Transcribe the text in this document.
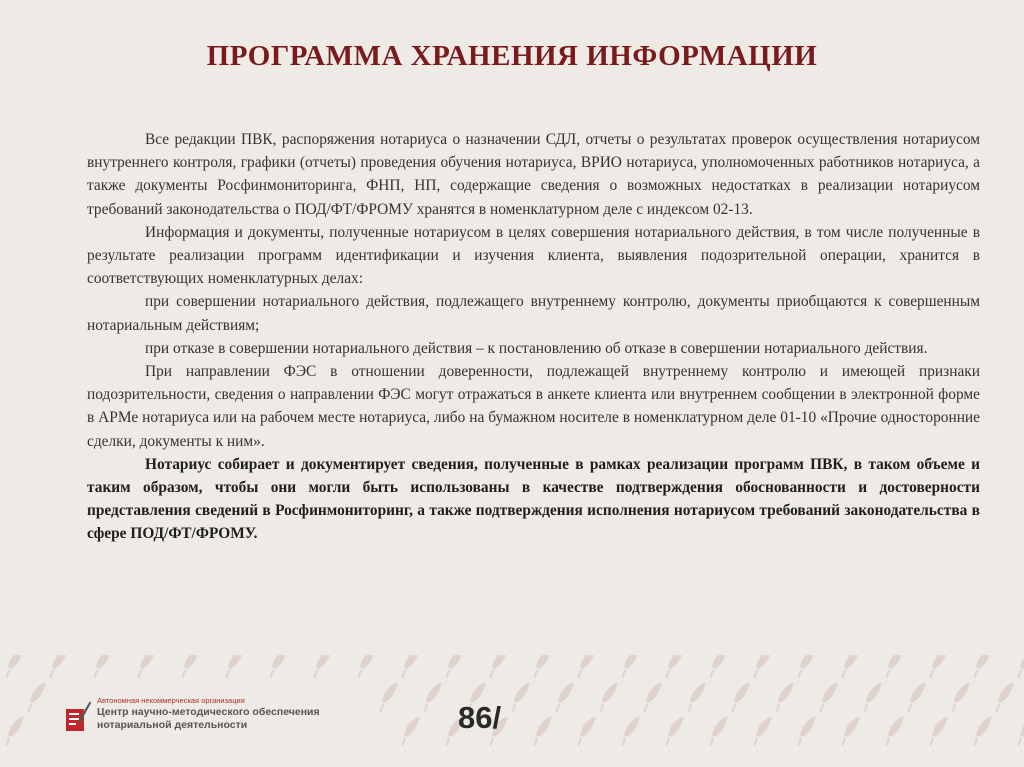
ПРОГРАММА ХРАНЕНИЯ ИНФОРМАЦИИ

Все редакции ПВК, распоряжения нотариуса о назначении СДЛ, отчеты о результатах проверок осуществления нотариусом внутреннего контроля, графики (отчеты) проведения обучения нотариуса, ВРИО нотариуса, уполномоченных работников нотариуса, а также документы Росфинмониторинга, ФНП, НП, содержащие сведения о возможных недостатках в реализации нотариусом требований законодательства о ПОД/ФТ/ФРОМУ хранятся в номенклатурном деле с индексом 02-13.

Информация и документы, полученные нотариусом в целях совершения нотариального действия, в том числе полученные в результате реализации программ идентификации и изучения клиента, выявления подозрительной операции, хранится в соответствующих номенклатурных делах:

при совершении нотариального действия, подлежащего внутреннему контролю, документы приобщаются к совершенным нотариальным действиям;

при отказе в совершении нотариального действия – к постановлению об отказе в совершении нотариального действия.

При направлении ФЭС в отношении доверенности, подлежащей внутреннему контролю и имеющей признаки подозрительности, сведения о направлении ФЭС могут отражаться в анкете клиента или внутреннем сообщении в электронной форме в АРМе нотариуса или на рабочем месте нотариуса, либо на бумажном носителе в номенклатурном деле 01-10 «Прочие односторонние сделки, документы к ним».

Нотариус собирает и документирует сведения, полученные в рамках реализации программ ПВК, в таком объеме и таким образом, чтобы они могли быть использованы в качестве подтверждения обоснованности и достоверности представления сведений в Росфинмониторинг, а также подтверждения исполнения нотариусом требований законодательства в сфере ПОД/ФТ/ФРОМУ.

Автономная некоммерческая организация
Центр научно-методического обеспечения
нотариальной деятельности	86/
